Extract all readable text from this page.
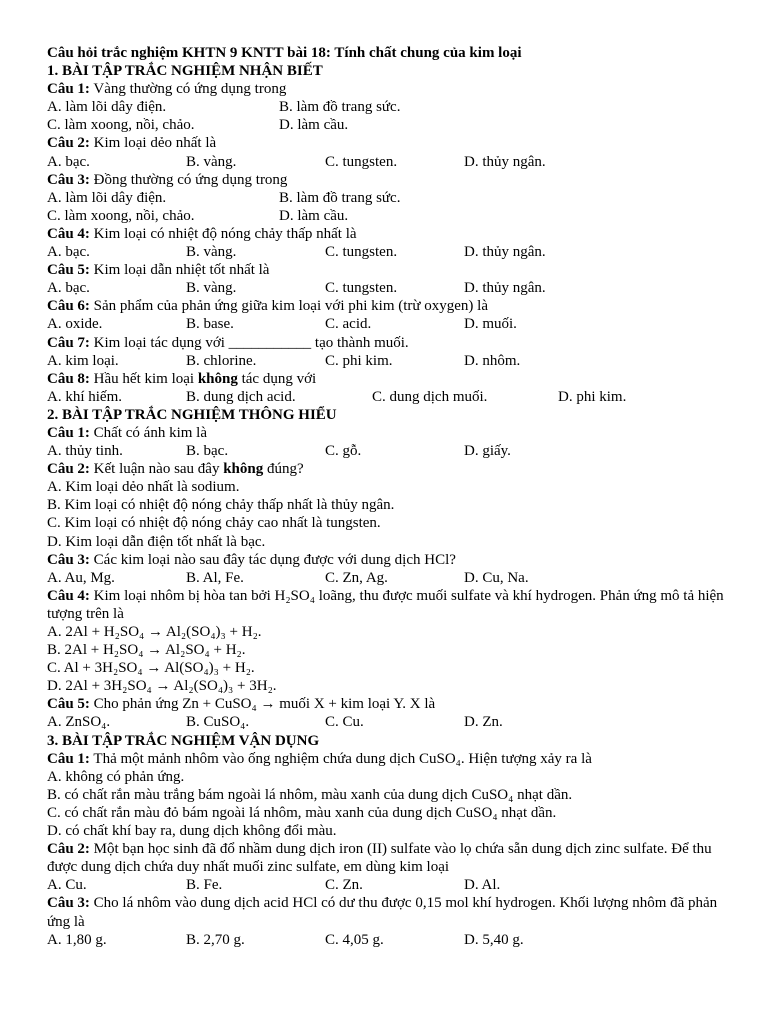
Câu hỏi trắc nghiệm KHTN 9 KNTT bài 18: Tính chất chung của kim loại
1. BÀI TẬP TRẮC NGHIỆM NHẬN BIẾT
Câu 1: Vàng thường có ứng dụng trong
A. làm lõi dây điện.	B. làm đồ trang sức.
C. làm xoong, nồi, chảo.	D. làm cầu.
Câu 2: Kim loại dẻo nhất là
A. bạc.	B. vàng.	C. tungsten.	D. thủy ngân.
Câu 3: Đồng thường có ứng dụng trong
A. làm lõi dây điện.	B. làm đồ trang sức.
C. làm xoong, nồi, chảo.	D. làm cầu.
Câu 4: Kim loại có nhiệt độ nóng chảy thấp nhất là
A. bạc.	B. vàng.	C. tungsten.	D. thủy ngân.
Câu 5: Kim loại dẫn nhiệt tốt nhất là
A. bạc.	B. vàng.	C. tungsten.	D. thủy ngân.
Câu 6: Sản phẩm của phản ứng giữa kim loại với phi kim (trừ oxygen) là
A. oxide.	B. base.	C. acid.	D. muối.
Câu 7: Kim loại tác dụng với ___________ tạo thành muối.
A. kim loại.	B. chlorine.	C. phi kim.	D. nhôm.
Câu 8: Hầu hết kim loại không tác dụng với
A. khí hiếm.	B. dung dịch acid.	C. dung dịch muối.	D. phi kim.
2. BÀI TẬP TRẮC NGHIỆM THÔNG HIỂU
Câu 1: Chất có ánh kim là
A. thủy tinh.	B. bạc.	C. gỗ.	D. giấy.
Câu 2: Kết luận nào sau đây không đúng?
A. Kim loại dẻo nhất là sodium.
B. Kim loại có nhiệt độ nóng chảy thấp nhất là thủy ngân.
C. Kim loại có nhiệt độ nóng chảy cao nhất là tungsten.
D. Kim loại dẫn điện tốt nhất là bạc.
Câu 3: Các kim loại nào sau đây tác dụng được với dung dịch HCl?
A. Au, Mg.	B. Al, Fe.	C. Zn, Ag.	D. Cu, Na.
Câu 4: Kim loại nhôm bị hòa tan bởi H₂SO₄ loãng, thu được muối sulfate và khí hydrogen. Phản ứng mô tả hiện tượng trên là
A. 2Al + H₂SO₄ → Al₂(SO₄)₃ + H₂.
B. 2Al + H₂SO₄ → Al₂SO₄ + H₂.
C. Al + 3H₂SO₄ → Al(SO₄)₃ + H₂.
D. 2Al + 3H₂SO₄ → Al₂(SO₄)₃ + 3H₂.
Câu 5: Cho phản ứng Zn + CuSO₄ → muối X + kim loại Y. X là
A. ZnSO₄.	B. CuSO₄.	C. Cu.	D. Zn.
3. BÀI TẬP TRẮC NGHIỆM VẬN DỤNG
Câu 1: Thả một mảnh nhôm vào ống nghiệm chứa dung dịch CuSO₄. Hiện tượng xảy ra là
A. không có phản ứng.
B. có chất rắn màu trắng bám ngoài lá nhôm, màu xanh của dung dịch CuSO₄ nhạt dần.
C. có chất rắn màu đỏ bám ngoài lá nhôm, màu xanh của dung dịch CuSO₄ nhạt dần.
D. có chất khí bay ra, dung dịch không đổi màu.
Câu 2: Một bạn học sinh đã đổ nhầm dung dịch iron (II) sulfate vào lọ chứa sẵn dung dịch zinc sulfate. Để thu được dung dịch chứa duy nhất muối zinc sulfate, em dùng kim loại
A. Cu.	B. Fe.	C. Zn.	D. Al.
Câu 3: Cho lá nhôm vào dung dịch acid HCl có dư thu được 0,15 mol khí hydrogen. Khối lượng nhôm đã phản ứng là
A. 1,80 g.	B. 2,70 g.	C. 4,05 g.	D. 5,40 g.
